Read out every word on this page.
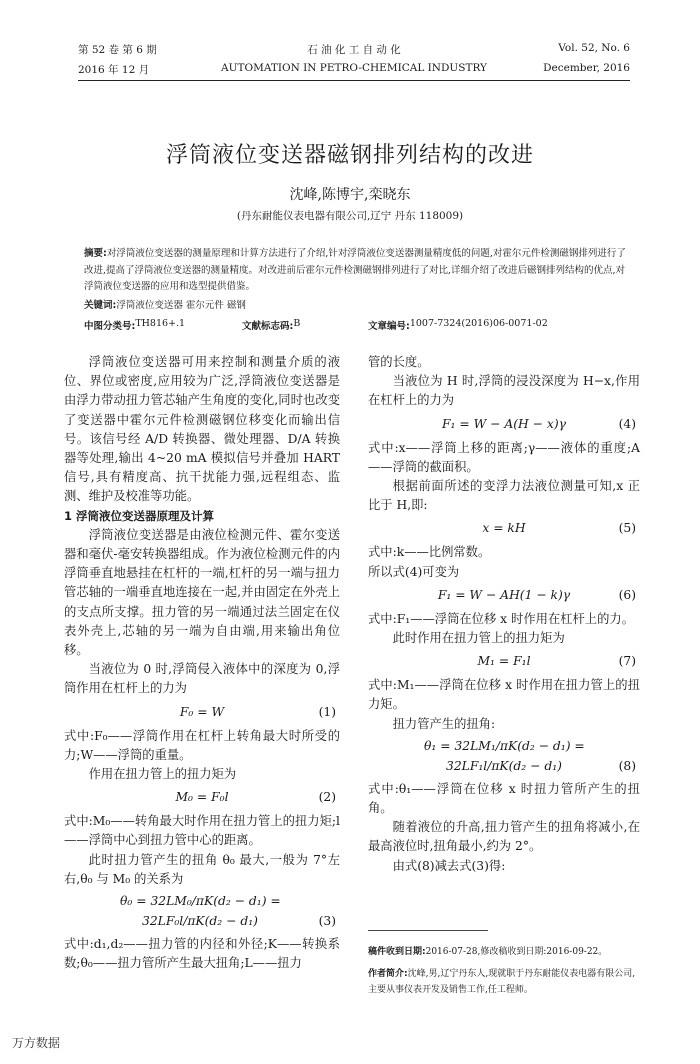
第 52 卷 第 6 期	石 油 化 工 自 动 化	Vol. 52, No. 6
2016 年 12 月	AUTOMATION IN PETRO-CHEMICAL INDUSTRY	December, 2016
浮筒液位变送器磁钢排列结构的改进
沈峰,陈博宇,栾晓东
(丹东耐能仪表电器有限公司,辽宁 丹东 118009)
摘要:对浮筒液位变送器的测量原理和计算方法进行了介绍,针对浮筒液位变送器测量精度低的问题,对霍尔元件检测磁钢排列进行了改进,提高了浮筒液位变送器的测量精度。对改进前后霍尔元件检测磁钢排列进行了对比,详细介绍了改进后磁钢排列结构的优点,对浮筒液位变送器的应用和选型提供借鉴。
关键词:浮筒液位变送器 霍尔元件 磁钢
中图分类号: TH816+.1	文献标志码: B	文章编号: 1007-7324(2016)06-0071-02

浮筒液位变送器可用来控制和测量介质的液位、界位或密度,应用较为广泛,浮筒液位变送器是由浮力带动扭力管芯轴产生角度的变化,同时也改变了变送器中霍尔元件检测磁钢位移变化而输出信号。该信号经 A/D 转换器、微处理器、D/A 转换器等处理,输出 4~20 mA 模拟信号并叠加 HART 信号,具有精度高、抗干扰能力强,远程组态、监测、维护及校准等功能。

1 浮筒液位变送器原理及计算

浮筒液位变送器是由液位检测元件、霍尔变送器和毫伏-毫安转换器组成。作为液位检测元件的内浮筒垂直地悬挂在杠杆的一端,杠杆的另一端与扭力管芯轴的一端垂直地连接在一起,并由固定在外壳上的支点所支撑。扭力管的另一端通过法兰固定在仪表外壳上,芯轴的另一端为自由端,用来输出角位移。

当液位为 0 时,浮筒侵入液体中的深度为 0,浮筒作用在杠杆上的力为

F₀ = W	(1)

式中:F₀——浮筒作用在杠杆上转角最大时所受的力;W——浮筒的重量。

作用在扭力管上的扭力矩为

M₀ = F₀l	(2)

式中:M₀——转角最大时作用在扭力管上的扭力矩;l——浮筒中心到扭力管中心的距离。

此时扭力管产生的扭角 θ₀ 最大,一般为 7°左右,θ₀ 与 M₀ 的关系为

θ₀ = 32LM₀/πK(d₂ − d₁) =
32LF₀l/πK(d₂ − d₁)	(3)

式中:d₁,d₂——扭力管的内径和外径;K——转换系数;θ₀——扭力管所产生最大扭角;L——扭力

管的长度。

当液位为 H 时,浮筒的浸没深度为 H−x,作用在杠杆上的力为

F₁ = W − A(H − x)γ	(4)

式中:x——浮筒上移的距离;γ——液体的重度;A——浮筒的截面积。

根据前面所述的变浮力法液位测量可知,x 正比于 H,即:

x = kH	(5)

式中:k——比例常数。

所以式(4)可变为

F₁ = W − AH(1 − k)γ	(6)

式中:F₁——浮筒在位移 x 时作用在杠杆上的力。

此时作用在扭力管上的扭力矩为

M₁ = F₁l	(7)

式中:M₁——浮筒在位移 x 时作用在扭力管上的扭力矩。

扭力管产生的扭角:

θ₁ = 32LM₁/πK(d₂ − d₁) =
32LF₁l/πK(d₂ − d₁)	(8)

式中:θ₁——浮筒在位移 x 时扭力管所产生的扭角。

随着液位的升高,扭力管产生的扭角将减小,在最高液位时,扭角最小,约为 2°。

由式(8)减去式(3)得:

稿件收到日期:2016-07-28,修改稿收到日期:2016-09-22。
作者简介:沈峰,男,辽宁丹东人,现就职于丹东耐能仪表电器有限公司,主要从事仪表开发及销售工作,任工程师。
万方数据
